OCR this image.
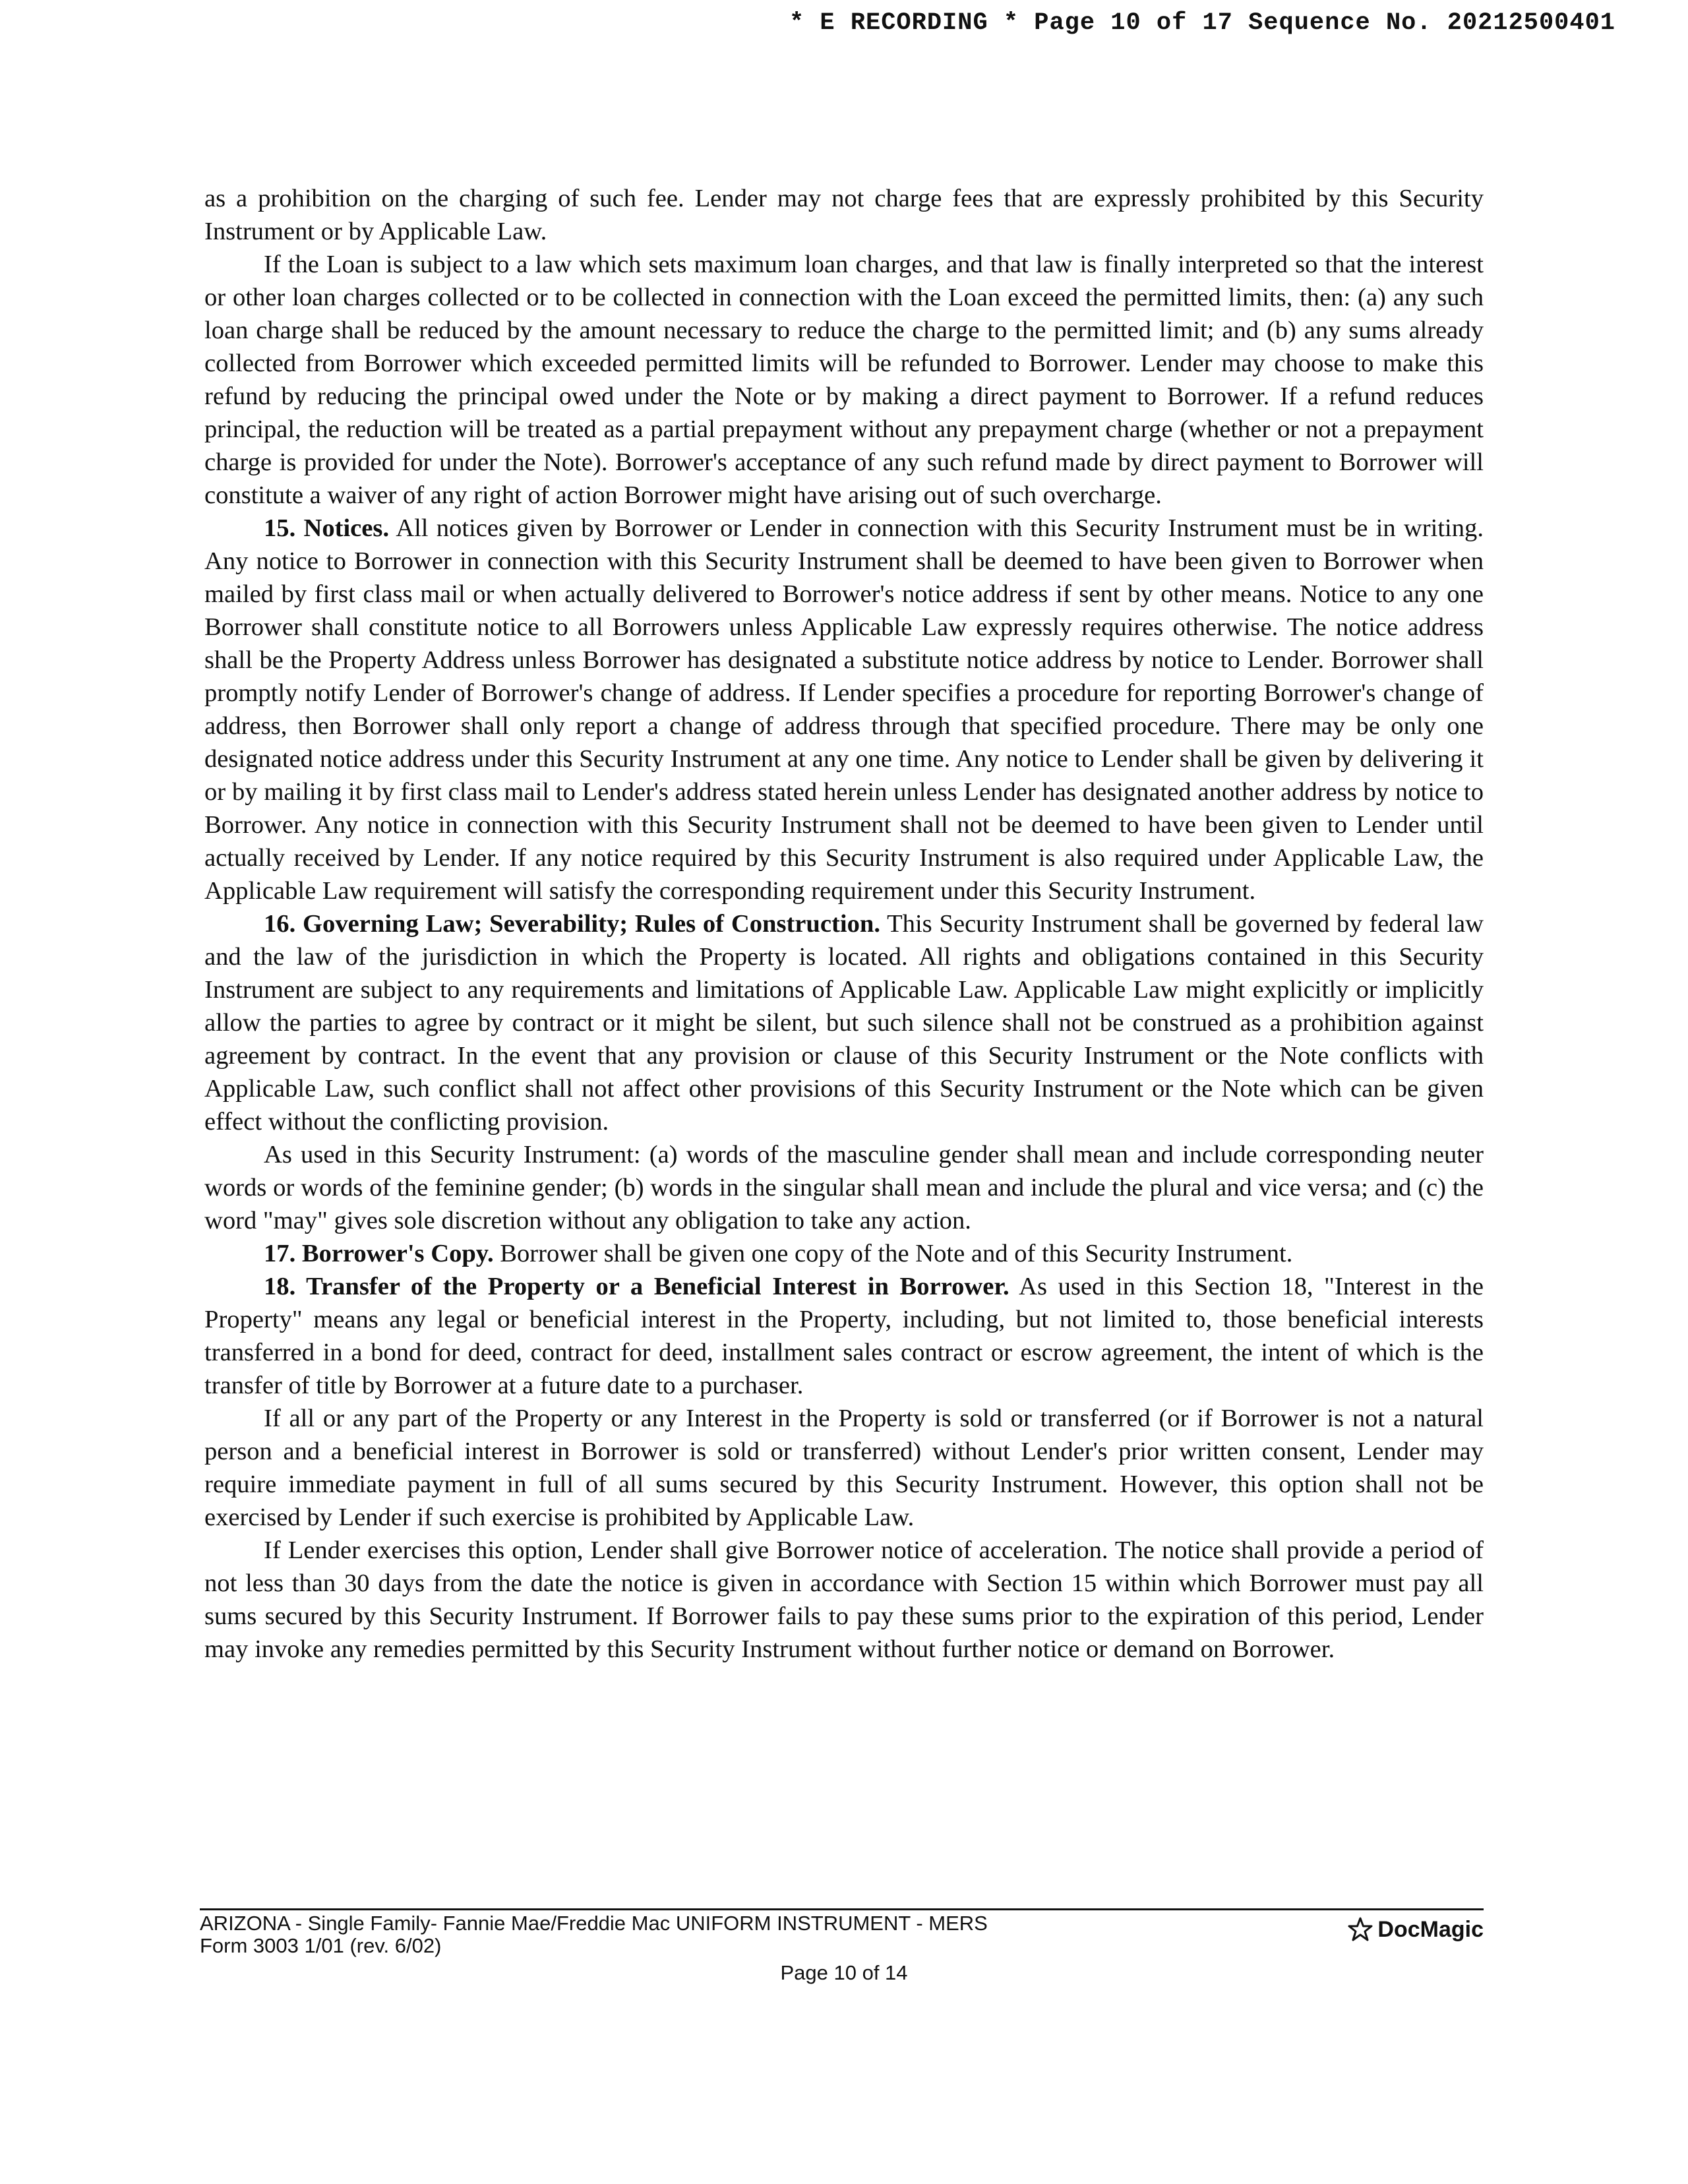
* E RECORDING * Page 10 of 17 Sequence No. 20212500401

as a prohibition on the charging of such fee. Lender may not charge fees that are expressly prohibited by this Security Instrument or by Applicable Law.

If the Loan is subject to a law which sets maximum loan charges, and that law is finally interpreted so that the interest or other loan charges collected or to be collected in connection with the Loan exceed the permitted limits, then: (a) any such loan charge shall be reduced by the amount necessary to reduce the charge to the permitted limit; and (b) any sums already collected from Borrower which exceeded permitted limits will be refunded to Borrower. Lender may choose to make this refund by reducing the principal owed under the Note or by making a direct payment to Borrower. If a refund reduces principal, the reduction will be treated as a partial prepayment without any prepayment charge (whether or not a prepayment charge is provided for under the Note). Borrower's acceptance of any such refund made by direct payment to Borrower will constitute a waiver of any right of action Borrower might have arising out of such overcharge.

15. Notices. All notices given by Borrower or Lender in connection with this Security Instrument must be in writing. Any notice to Borrower in connection with this Security Instrument shall be deemed to have been given to Borrower when mailed by first class mail or when actually delivered to Borrower's notice address if sent by other means. Notice to any one Borrower shall constitute notice to all Borrowers unless Applicable Law expressly requires otherwise. The notice address shall be the Property Address unless Borrower has designated a substitute notice address by notice to Lender. Borrower shall promptly notify Lender of Borrower's change of address. If Lender specifies a procedure for reporting Borrower's change of address, then Borrower shall only report a change of address through that specified procedure. There may be only one designated notice address under this Security Instrument at any one time. Any notice to Lender shall be given by delivering it or by mailing it by first class mail to Lender's address stated herein unless Lender has designated another address by notice to Borrower. Any notice in connection with this Security Instrument shall not be deemed to have been given to Lender until actually received by Lender. If any notice required by this Security Instrument is also required under Applicable Law, the Applicable Law requirement will satisfy the corresponding requirement under this Security Instrument.

16. Governing Law; Severability; Rules of Construction. This Security Instrument shall be governed by federal law and the law of the jurisdiction in which the Property is located. All rights and obligations contained in this Security Instrument are subject to any requirements and limitations of Applicable Law. Applicable Law might explicitly or implicitly allow the parties to agree by contract or it might be silent, but such silence shall not be construed as a prohibition against agreement by contract. In the event that any provision or clause of this Security Instrument or the Note conflicts with Applicable Law, such conflict shall not affect other provisions of this Security Instrument or the Note which can be given effect without the conflicting provision.

As used in this Security Instrument: (a) words of the masculine gender shall mean and include corresponding neuter words or words of the feminine gender; (b) words in the singular shall mean and include the plural and vice versa; and (c) the word "may" gives sole discretion without any obligation to take any action.

17. Borrower's Copy. Borrower shall be given one copy of the Note and of this Security Instrument.

18. Transfer of the Property or a Beneficial Interest in Borrower. As used in this Section 18, "Interest in the Property" means any legal or beneficial interest in the Property, including, but not limited to, those beneficial interests transferred in a bond for deed, contract for deed, installment sales contract or escrow agreement, the intent of which is the transfer of title by Borrower at a future date to a purchaser.

If all or any part of the Property or any Interest in the Property is sold or transferred (or if Borrower is not a natural person and a beneficial interest in Borrower is sold or transferred) without Lender's prior written consent, Lender may require immediate payment in full of all sums secured by this Security Instrument. However, this option shall not be exercised by Lender if such exercise is prohibited by Applicable Law.

If Lender exercises this option, Lender shall give Borrower notice of acceleration. The notice shall provide a period of not less than 30 days from the date the notice is given in accordance with Section 15 within which Borrower must pay all sums secured by this Security Instrument. If Borrower fails to pay these sums prior to the expiration of this period, Lender may invoke any remedies permitted by this Security Instrument without further notice or demand on Borrower.

ARIZONA - Single Family- Fannie Mae/Freddie Mac UNIFORM INSTRUMENT - MERS
Form 3003 1/01 (rev. 6/02)
DocMagic
Page 10 of 14
